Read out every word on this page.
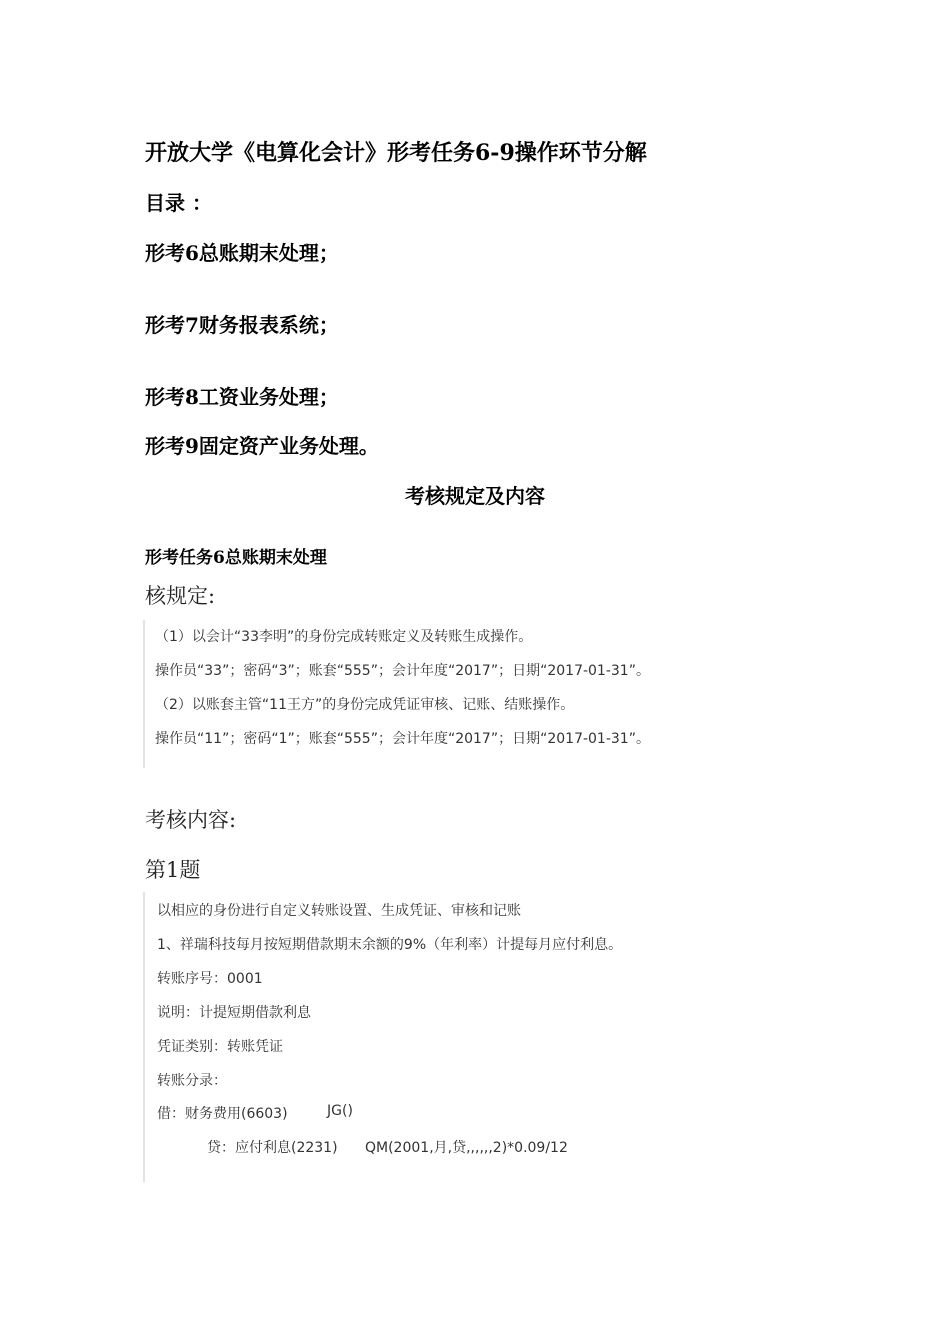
开放大学《电算化会计》形考任务6-9操作环节分解
目录 ：
形考6总账期末处理；
形考7财务报表系统；
形考8工资业务处理；
形考9固定资产业务处理。
考核规定及内容
形考任务6总账期末处理
核规定:
（1）以会计“33李明”的身份完成转账定义及转账生成操作。
操作员“33”；密码“3”；账套“555”；会计年度“2017”；日期“2017-01-31”。
（2）以账套主管“11王方”的身份完成凭证审核、记账、结账操作。
操作员“11”；密码“1”；账套“555”；会计年度“2017”；日期“2017-01-31”。
考核内容:
第1题
以相应的身份进行自定义转账设置、生成凭证、审核和记账
1、祥瑞科技每月按短期借款期末余额的9%（年利率）计提每月应付利息。
转账序号：0001
说明：计提短期借款利息
凭证类别：转账凭证
转账分录：
借：财务费用(6603)	JG()
贷：应付利息(2231) QM(2001,月,贷,,,,,,2)*0.09/12
